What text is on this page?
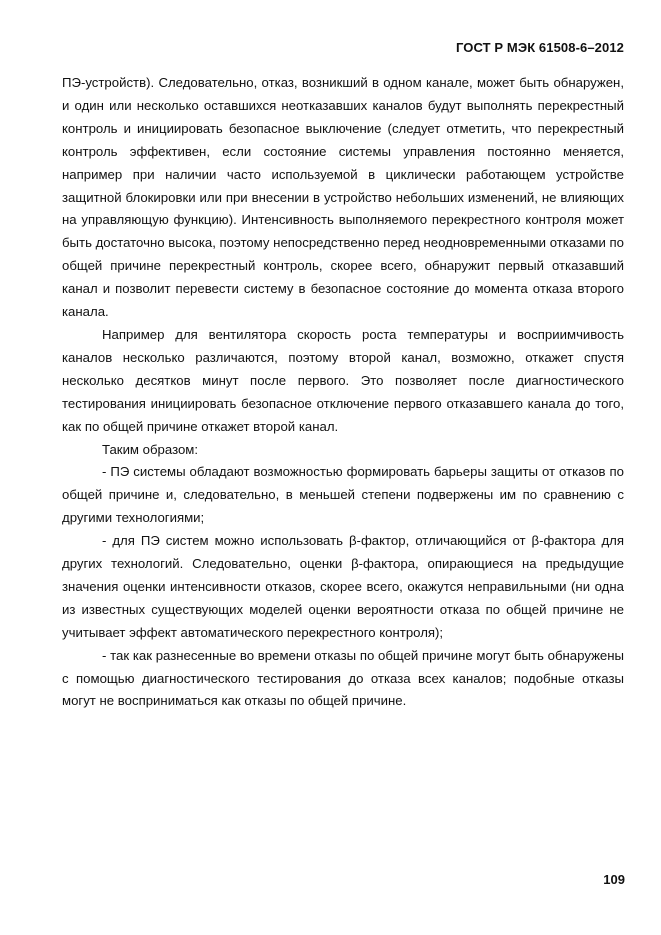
ГОСТ Р МЭК 61508-6–2012

ПЭ-устройств). Следовательно, отказ, возникший в одном канале, может быть обнаружен, и один или несколько оставшихся неотказавших каналов будут выполнять перекрестный контроль и инициировать безопасное выключение (следует отметить, что перекрестный контроль эффективен, если состояние системы управления постоянно меняется, например при наличии часто используемой в циклически работающем устройстве защитной блокировки или при внесении в устройство небольших изменений, не влияющих на управляющую функцию). Интенсивность выполняемого перекрестного контроля может быть достаточно высока, поэтому непосредственно перед неодновременными отказами по общей причине перекрестный контроль, скорее всего, обнаружит первый отказавший канал и позволит перевести систему в безопасное состояние до момента отказа второго канала.

Например для вентилятора скорость роста температуры и восприимчивость каналов несколько различаются, поэтому второй канал, возможно, откажет спустя несколько десятков минут после первого. Это позволяет после диагностического тестирования инициировать безопасное отключение первого отказавшего канала до того, как по общей причине откажет второй канал.

Таким образом:

- ПЭ системы обладают возможностью формировать барьеры защиты от отказов по общей причине и, следовательно, в меньшей степени подвержены им по сравнению с другими технологиями;

- для ПЭ систем можно использовать β-фактор, отличающийся от β-фактора для других технологий. Следовательно, оценки β-фактора, опирающиеся на предыдущие значения оценки интенсивности отказов, скорее всего, окажутся неправильными (ни одна из известных существующих моделей оценки вероятности отказа по общей причине не учитывает эффект автоматического перекрестного контроля);

- так как разнесенные во времени отказы по общей причине могут быть обнаружены с помощью диагностического тестирования до отказа всех каналов; подобные отказы могут не восприниматься как отказы по общей причине.

109
